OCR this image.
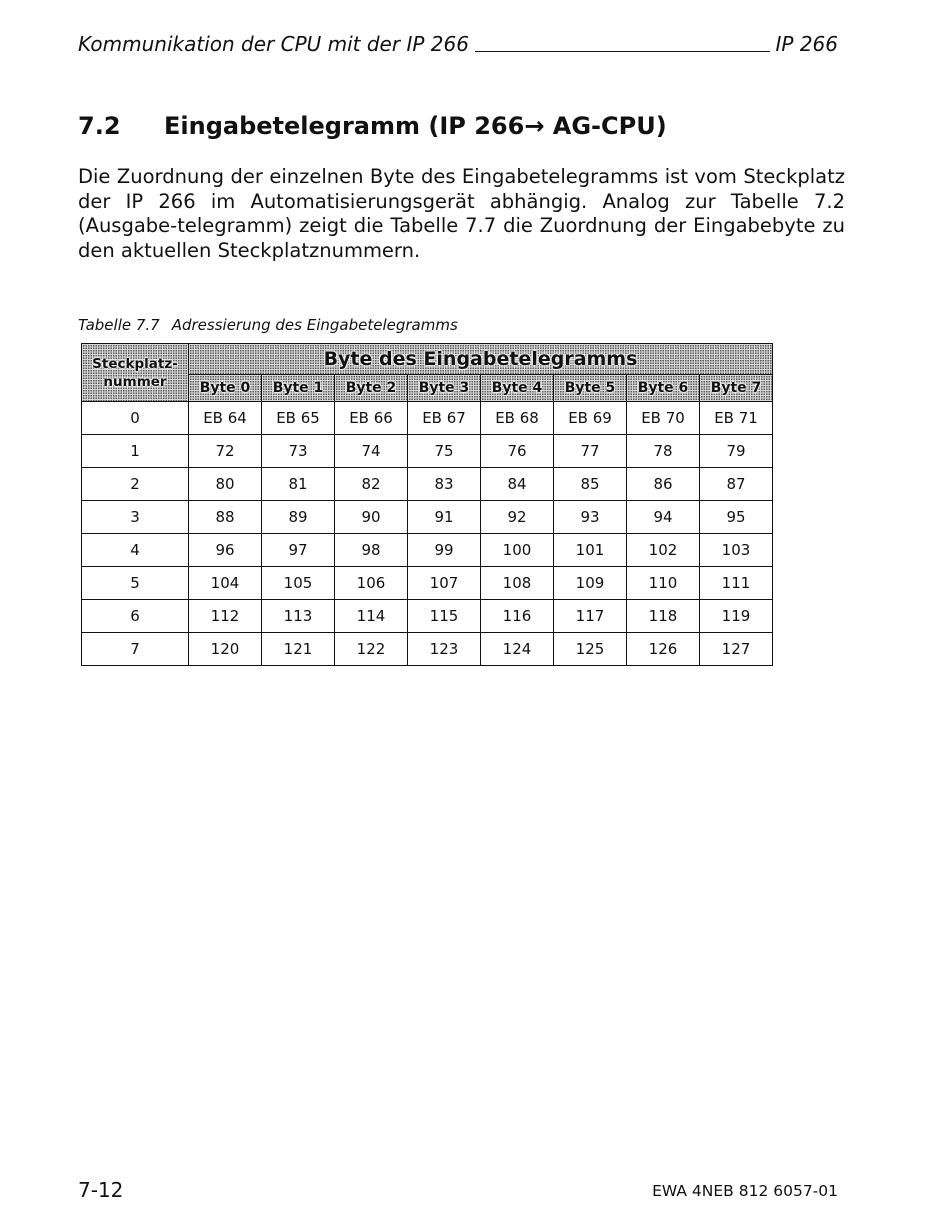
Kommunikation der CPU mit der IP 266	IP 266
7.2 Eingabetelegramm (IP 266→ AG-CPU)

Die Zuordnung der einzelnen Byte des Eingabetelegramms ist vom Steckplatz der IP 266 im Automatisierungsgerät abhängig. Analog zur Tabelle 7.2 (Ausgabe-telegramm) zeigt die Tabelle 7.7 die Zuordnung der Eingabebyte zu den aktuellen Steckplatznummern.

Tabelle 7.7 Adressierung des Eingabetelegramms
Steckplatz-nummer	Byte des Eingabetelegramms							
	Byte 0	Byte 1	Byte 2	Byte 3	Byte 4	Byte 5	Byte 6	Byte 7
0	EB 64	EB 65	EB 66	EB 67	EB 68	EB 69	EB 70	EB 71
1	72	73	74	75	76	77	78	79
2	80	81	82	83	84	85	86	87
3	88	89	90	91	92	93	94	95
4	96	97	98	99	100	101	102	103
5	104	105	106	107	108	109	110	111
6	112	113	114	115	116	117	118	119
7	120	121	122	123	124	125	126	127
7-12	EWA 4NEB 812 6057-01
